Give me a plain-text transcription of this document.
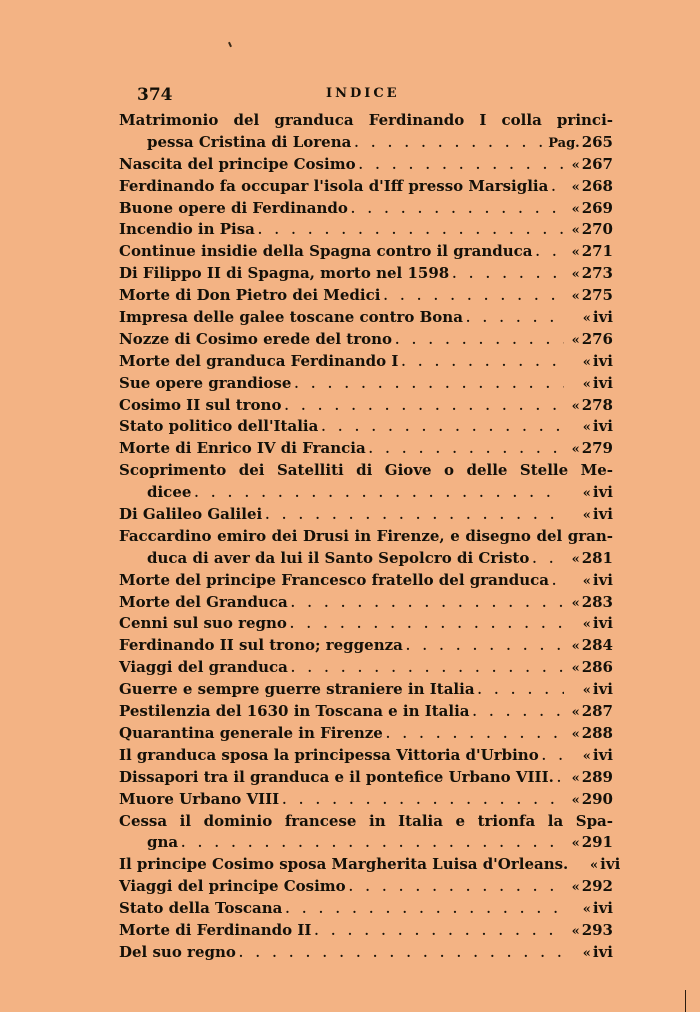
374	INDICE
Matrimonio del granduca Ferdinando I colla princi-
pessa Cristina di Lorena . . .	Pag. 265
Nascita del principe Cosimo . . .	« 267
Ferdinando fa occupar l'isola d'Iff presso Marsiglia . . .	« 268
Buone opere di Ferdinando . . .	« 269
Incendio in Pisa . . .	« 270
Continue insidie della Spagna contro il granduca . . .	« 271
Di Filippo II di Spagna, morto nel 1598 . . .	« 273
Morte di Don Pietro dei Medici . . .	« 275
Impresa delle galee toscane contro Bona . . .	« ivi
Nozze di Cosimo erede del trono . . .	« 276
Morte del granduca Ferdinando I . . .	« ivi
Sue opere grandiose . . .	« ivi
Cosimo II sul trono . . .	« 278
Stato politico dell'Italia . . .	« ivi
Morte di Enrico IV di Francia . . .	« 279
Scoprimento dei Satelliti di Giove o delle Stelle Me-
dicee . . .	« ivi
Di Galileo Galilei . . .	« ivi
Faccardino emiro dei Drusi in Firenze, e disegno del gran-
duca di aver da lui il Santo Sepolcro di Cristo . . .	« 281
Morte del principe Francesco fratello del granduca . . .	« ivi
Morte del Granduca . . .	« 283
Cenni sul suo regno . . .	« ivi
Ferdinando II sul trono; reggenza . . .	« 284
Viaggi del granduca . . .	« 286
Guerre e sempre guerre straniere in Italia . . .	« ivi
Pestilenzia del 1630 in Toscana e in Italia . . .	« 287
Quarantina generale in Firenze . . .	« 288
Il granduca sposa la principessa Vittoria d'Urbino . . .	« ivi
Dissapori tra il granduca e il pontefice Urbano VIII. . . .	« 289
Muore Urbano VIII . . .	« 290
Cessa il dominio francese in Italia e trionfa la Spa-
gna . . .	« 291
Il principe Cosimo sposa Margherita Luisa d'Orleans.	« ivi
Viaggi del principe Cosimo . . .	« 292
Stato della Toscana . . .	« ivi
Morte di Ferdinando II . . .	« 293
Del suo regno . . .	« ivi
